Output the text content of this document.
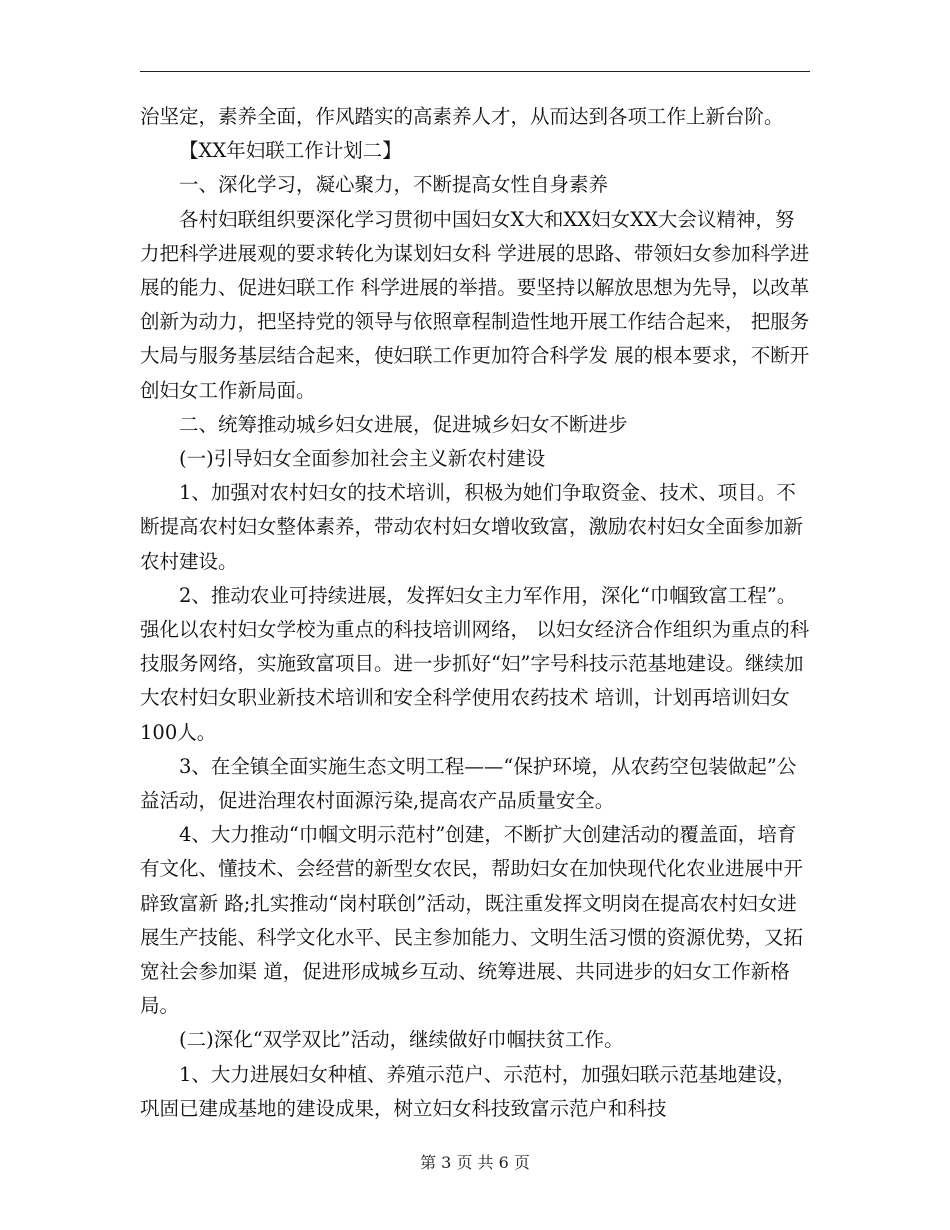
治坚定，素养全面，作风踏实的高素养人才，从而达到各项工作上新台阶。

【XX年妇联工作计划二】

一、深化学习，凝心聚力，不断提高女性自身素养

各村妇联组织要深化学习贯彻中国妇女X大和XX妇女XX大会议精神，努力把科学进展观的要求转化为谋划妇女科 学进展的思路、带领妇女参加科学进展的能力、促进妇联工作 科学进展的举措。要坚持以解放思想为先导，以改革创新为动力，把坚持党的领导与依照章程制造性地开展工作结合起来， 把服务大局与服务基层结合起来，使妇联工作更加符合科学发 展的根本要求，不断开创妇女工作新局面。

二、统筹推动城乡妇女进展，促进城乡妇女不断进步

(一)引导妇女全面参加社会主义新农村建设

1、加强对农村妇女的技术培训，积极为她们争取资金、技术、项目。不断提高农村妇女整体素养，带动农村妇女增收致富，激励农村妇女全面参加新农村建设。

2、推动农业可持续进展，发挥妇女主力军作用，深化“巾帼致富工程”。强化以农村妇女学校为重点的科技培训网络， 以妇女经济合作组织为重点的科技服务网络，实施致富项目。进一步抓好“妇”字号科技示范基地建设。继续加大农村妇女职业新技术培训和安全科学使用农药技术 培训，计划再培训妇女100人。

3、在全镇全面实施生态文明工程——“保护环境，从农药空包装做起”公益活动，促进治理农村面源污染,提高农产品质量安全。

4、大力推动“巾帼文明示范村”创建，不断扩大创建活动的覆盖面，培育有文化、懂技术、会经营的新型女农民，帮助妇女在加快现代化农业进展中开辟致富新 路;扎实推动“岗村联创”活动，既注重发挥文明岗在提高农村妇女进展生产技能、科学文化水平、民主参加能力、文明生活习惯的资源优势，又拓宽社会参加渠 道，促进形成城乡互动、统筹进展、共同进步的妇女工作新格局。

(二)深化“双学双比”活动，继续做好巾帼扶贫工作。

1、大力进展妇女种植、养殖示范户、示范村，加强妇联示范基地建设，巩固已建成基地的建设成果，树立妇女科技致富示范户和科技

第 3 页 共 6 页
